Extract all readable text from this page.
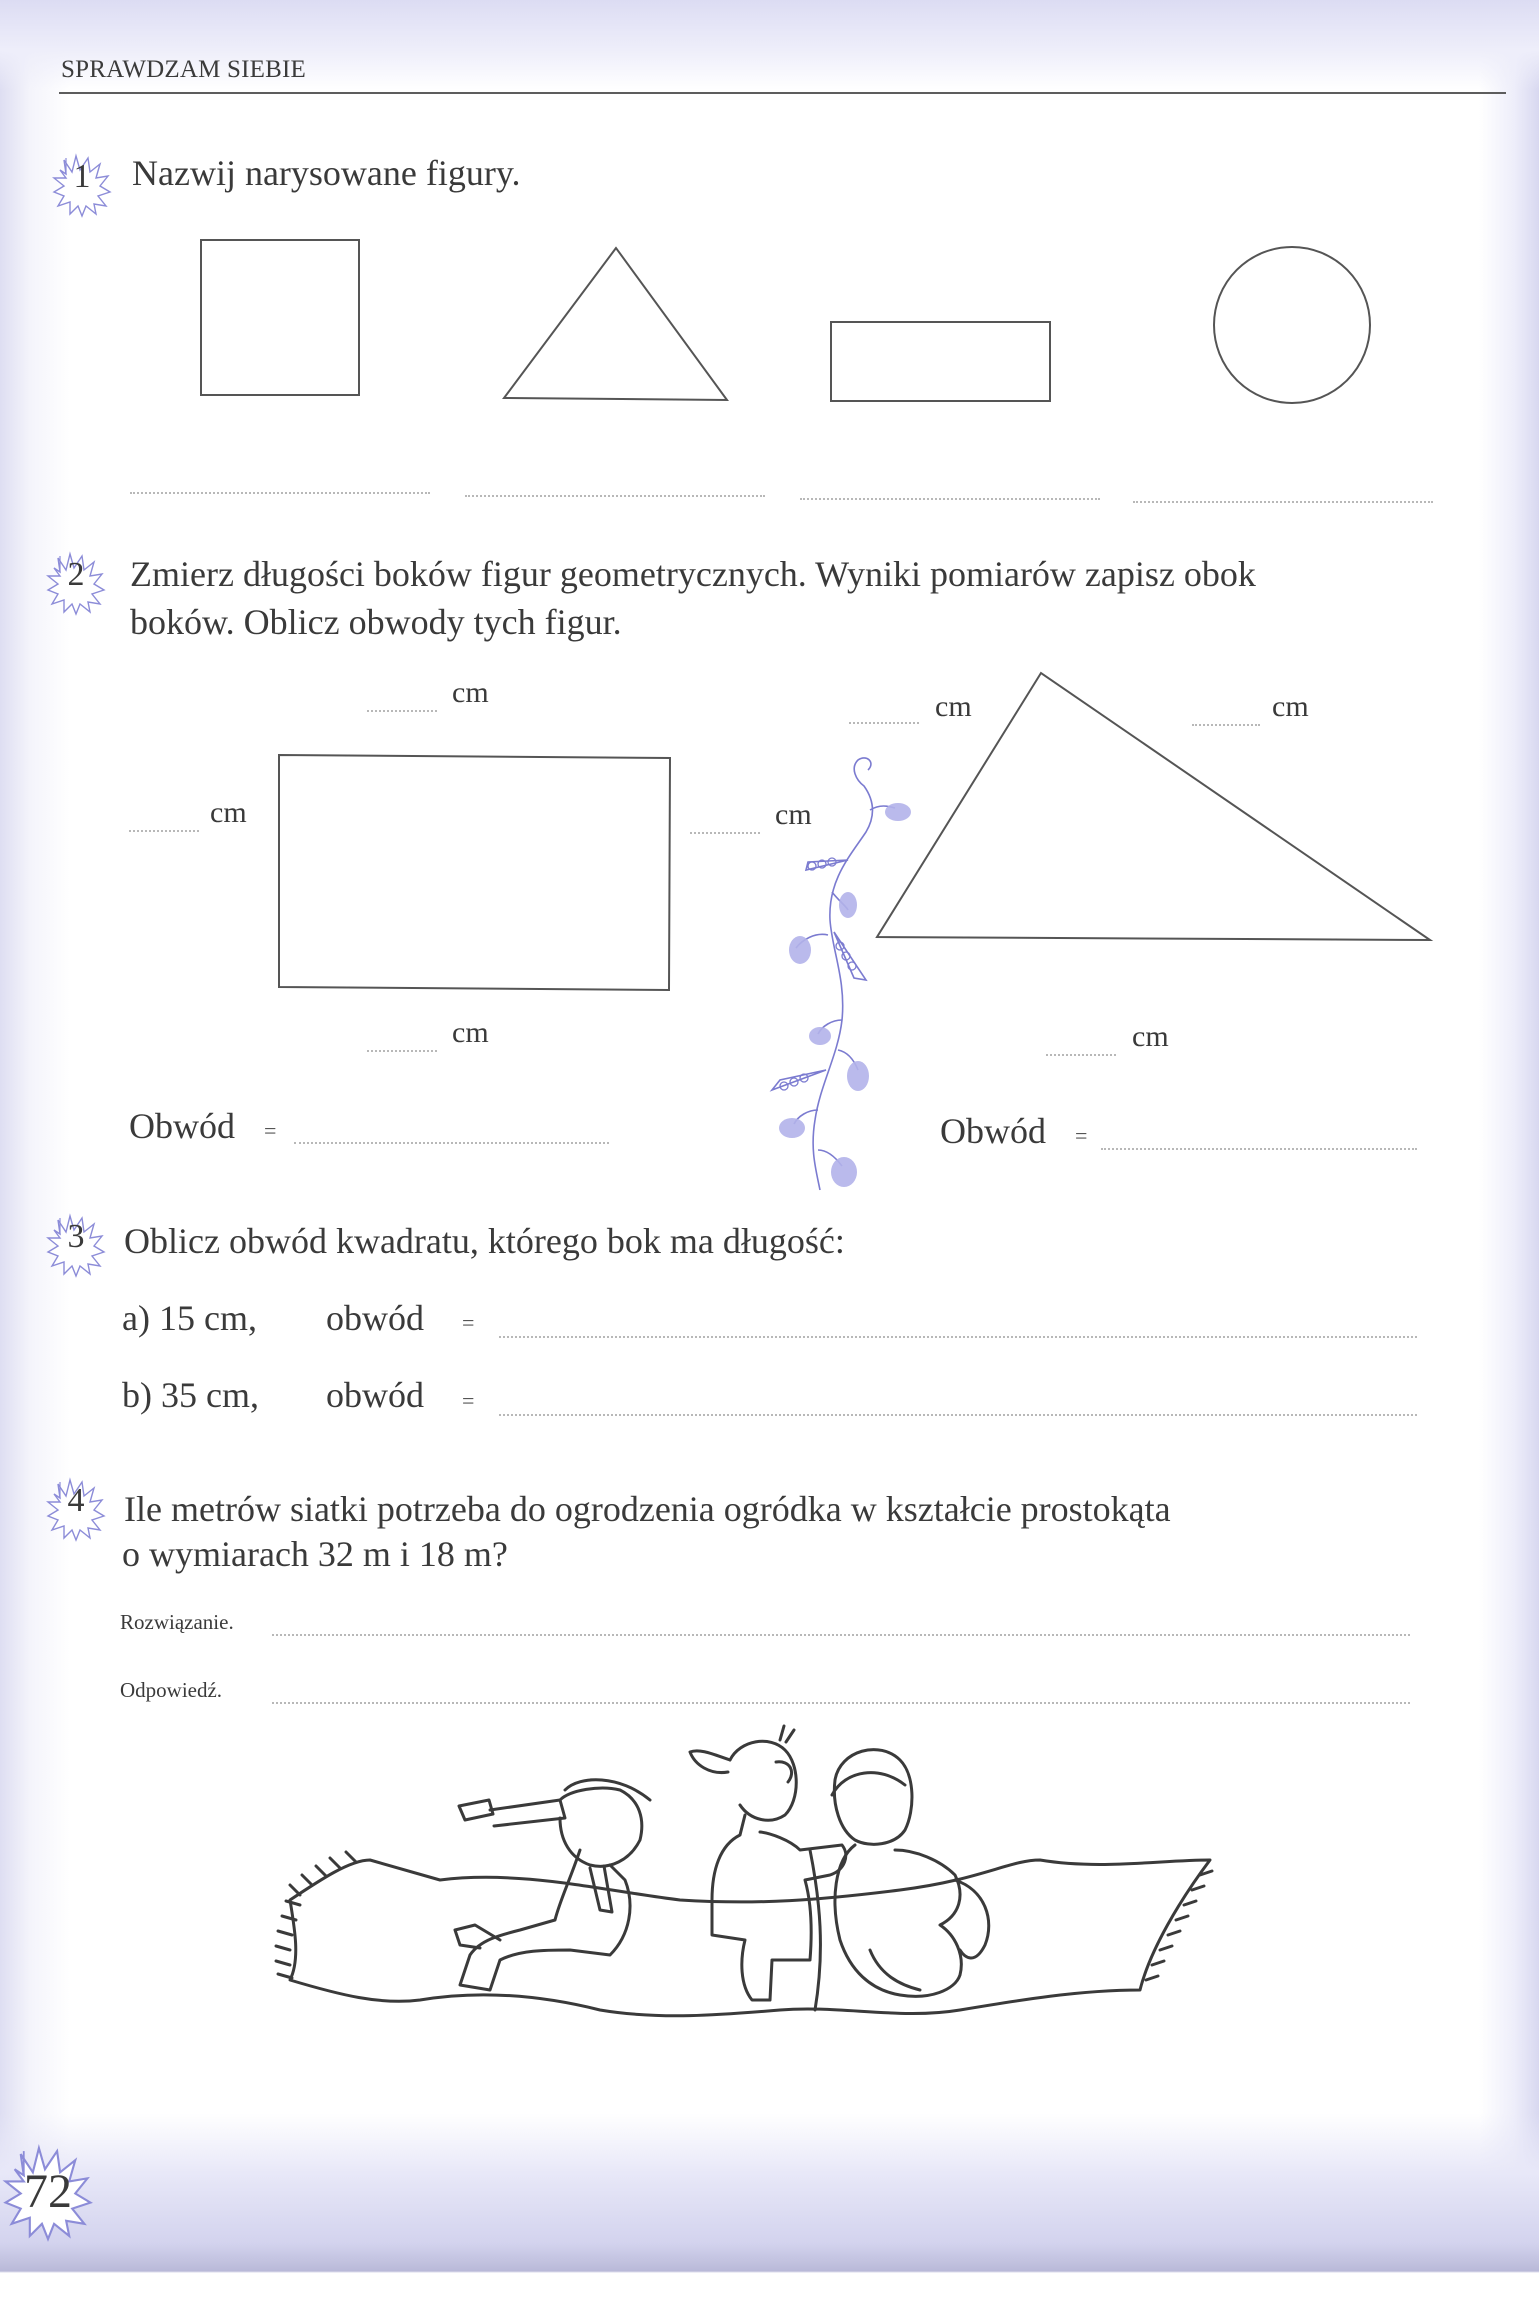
SPRAWDZAM SIEBIE
1	Nazwij narysowane figury.
2	Zmierz długości boków figur geometrycznych. Wyniki pomiarów zapisz obok
boków. Oblicz obwody tych figur.
cm
cm	cm
cm
Obwód =
cm	cm
cm
Obwód =
3	Oblicz obwód kwadratu, którego bok ma długość:
a) 15 cm, obwód =
b) 35 cm, obwód =
4	Ile metrów siatki potrzeba do ogrodzenia ogródka w kształcie prostokąta
o wymiarach 32 m i 18 m?
Rozwiązanie.
Odpowiedź.
72
